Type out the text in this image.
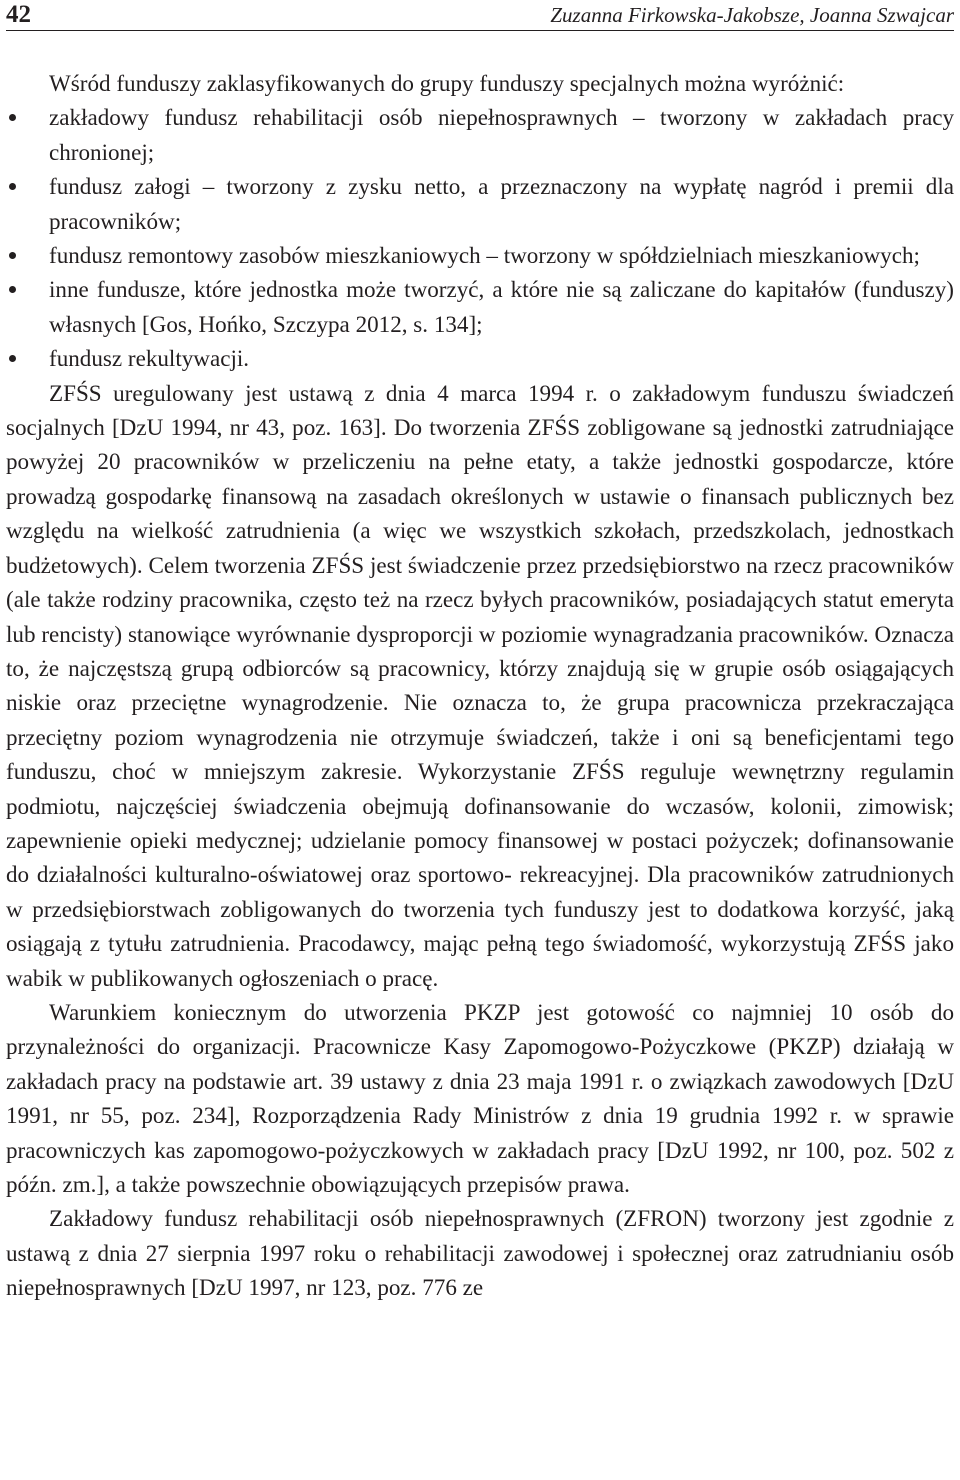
42	Zuzanna Firkowska-Jakobsze, Joanna Szwajcar

Wśród funduszy zaklasyfikowanych do grupy funduszy specjalnych można wyróżnić:

zakładowy fundusz rehabilitacji osób niepełnosprawnych – tworzony w zakładach pracy chronionej;
fundusz załogi – tworzony z zysku netto, a przeznaczony na wypłatę nagród i premii dla pracowników;
fundusz remontowy zasobów mieszkaniowych – tworzony w spółdzielniach mieszkaniowych;
inne fundusze, które jednostka może tworzyć, a które nie są zaliczane do kapitałów (funduszy) własnych [Gos, Hońko, Szczypa 2012, s. 134];
fundusz rekultywacji.

ZFŚS uregulowany jest ustawą z dnia 4 marca 1994 r. o zakładowym funduszu świadczeń socjalnych [DzU 1994, nr 43, poz. 163]. Do tworzenia ZFŚS zobligowane są jednostki zatrudniające powyżej 20 pracowników w przeliczeniu na pełne etaty, a także jednostki gospodarcze, które prowadzą gospodarkę finansową na zasadach określonych w ustawie o finansach publicznych bez względu na wielkość zatrudnienia (a więc we wszystkich szkołach, przedszkolach, jednostkach budżetowych). Celem tworzenia ZFŚS jest świadczenie przez przedsiębiorstwo na rzecz pracowników (ale także rodziny pracownika, często też na rzecz byłych pracowników, posiadających statut emeryta lub rencisty) stanowiące wyrównanie dysproporcji w poziomie wynagradzania pracowników. Oznacza to, że najczęstszą grupą odbiorców są pracownicy, którzy znajdują się w grupie osób osiągających niskie oraz przeciętne wynagrodzenie. Nie oznacza to, że grupa pracownicza przekraczająca przeciętny poziom wynagrodzenia nie otrzymuje świadczeń, także i oni są beneficjentami tego funduszu, choć w mniejszym zakresie. Wykorzystanie ZFŚS reguluje wewnętrzny regulamin podmiotu, najczęściej świadczenia obejmują dofinansowanie do wczasów, kolonii, zimowisk; zapewnienie opieki medycznej; udzielanie pomocy finansowej w postaci pożyczek; dofinansowanie do działalności kulturalno-oświatowej oraz sportowo- rekreacyjnej. Dla pracowników zatrudnionych w przedsiębiorstwach zobligowanych do tworzenia tych funduszy jest to dodatkowa korzyść, jaką osiągają z tytułu zatrudnienia. Pracodawcy, mając pełną tego świadomość, wykorzystują ZFŚS jako wabik w publikowanych ogłoszeniach o pracę.

Warunkiem koniecznym do utworzenia PKZP jest gotowość co najmniej 10 osób do przynależności do organizacji. Pracownicze Kasy Zapomogowo-Pożyczkowe (PKZP) działają w zakładach pracy na podstawie art. 39 ustawy z dnia 23 maja 1991 r. o związkach zawodowych [DzU 1991, nr 55, poz. 234], Rozporządzenia Rady Ministrów z dnia 19 grudnia 1992 r. w sprawie pracowniczych kas zapomogowo-pożyczkowych w zakładach pracy [DzU 1992, nr 100, poz. 502 z późn. zm.], a także powszechnie obowiązujących przepisów prawa.

Zakładowy fundusz rehabilitacji osób niepełnosprawnych (ZFRON) tworzony jest zgodnie z ustawą z dnia 27 sierpnia 1997 roku o rehabilitacji zawodowej i społecznej oraz zatrudnianiu osób niepełnosprawnych [DzU 1997, nr 123, poz. 776 ze
